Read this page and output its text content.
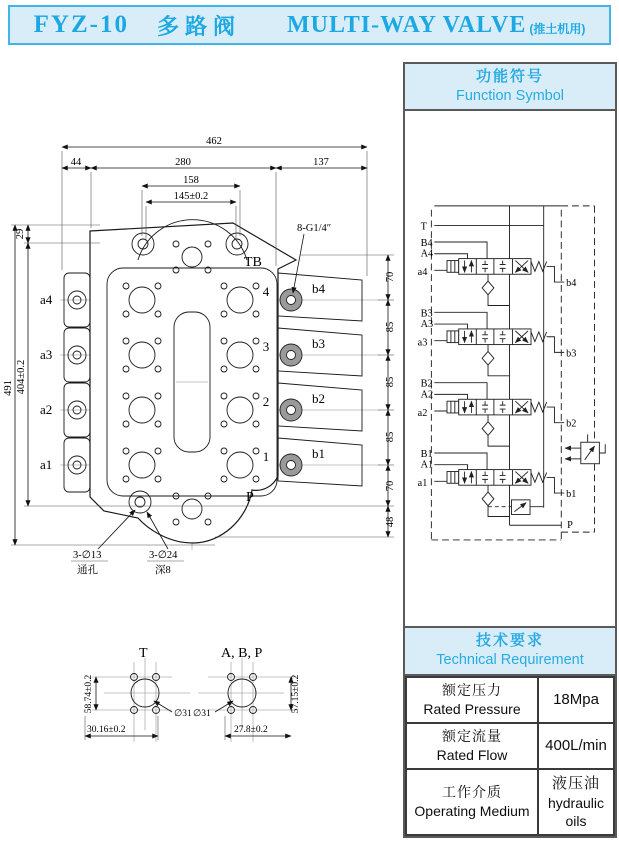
FYZ-10 多路阀 MULTI-WAY VALVE (推土机用)
TB
P
a4
a3
a2
a1
4
3
2
1
b4
b3
b2
b1
462
44	280	137
158
145±0.2
8-G1/4″
491 404±0.2
29
70
85
85
85
70
48
3-∅13
通孔
3-∅24
深8
T
∅31
58.74±0.2
30.16±0.2
A, B, P
∅31
57.15±0.2
27.8±0.2
功能符号
Function Symbol
T
P
B4
A4
a4
b4
B3
A3
a3
b3
B2
A2
a2
b2
B1
A1
a1
b1
技术要求
Technical Requirement
额定压力
Rated Pressure	18Mpa

额定流量
Rated Flow	400L/min

工作介质
Operating Medium

液压油
hydraulic oils
